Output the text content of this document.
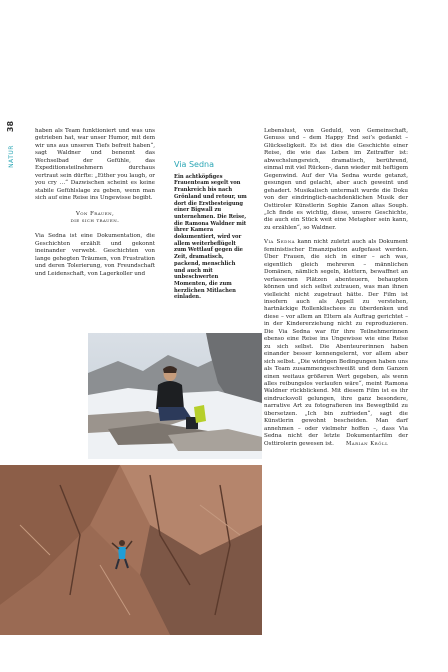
38
NATUR

haben als Team funktioniert und was uns getrieben hat, war unser Humor, mit dem wir uns aus unseren Tiefs befreit haben“, sagt Waldner und benennt das Wechselbad der Gefühle, das Expeditionsteilnehmern durchaus vertraut sein dürfte: „Either you laugh, or you cry …“ Dazwischen scheint es keine stabile Gefühlslage zu geben, wenn man sich auf eine Reise ins Ungewisse begibt.

Von Frauen,
die sich trauen.

Via Sedna ist eine Dokumentation, die Geschichten erzählt und gekonnt ineinander verwebt. Geschichten von lange gehegten Träumen, von Frustration und deren Tolerierung, von Freundschaft und Leidenschaft, von Lagerkoller und

Via Sedna
Ein achtköpfiges Frauenteam segelt von Frankreich bis nach Grönland und retour, um dort die Erstbesteigung einer Bigwall zu unternehmen. Die Reise, die Ramona Waldner mit ihrer Kamera dokumentiert, wird vor allem weiterbeflügelt zum Wettlauf gegen die Zeit, dramatisch, packend, menschlich und auch mit unbeschwerten Momenten, die zum herzlichen Mitlachen einladen.

Lebenslust, von Geduld, von Gemeinschaft, Genuss und – dem Happy End sei’s gedankt – Glückseligkeit. Es ist dies die Geschichte einer Reise, die wie das Leben im Zeitraffer ist: abwechslungsreich, dramatisch, berührend, einmal mit viel Rücken-, dann wieder mit heftigem Gegenwind. Auf der Via Sedna wurde getanzt, gesungen und gelacht, aber auch geweint und gehadert. Musikalisch untermalt wurde die Doku von der eindringlich-nachdenklichen Musik der Osttiroler Künstlerin Sophie Zanon alias Souph. „Ich finde es wichtig, diese, unsere Geschichte, die auch ein Stück weit eine Metapher sein kann, zu erzählen“, so Waldner.

Via Sedna kann nicht zuletzt auch als Dokument feministischer Emanzipation aufgefasst werden. Über Frauen, die sich in einer – ach was, eigentlich gleich mehreren – männlichen Domänen, nämlich segeln, klettern, bewaffnet an verlassenen Plätzen abenteuern, behaupten können und sich selbst zutrauen, was man ihnen vielleicht nicht zugetraut hätte. Der Film ist insofern auch als Appell zu verstehen, hartnäckige Rollenklischees zu überdenken und diese – vor allem an Eltern als Auftrag gerichtet – in der Kindererziehung nicht zu reproduzieren. Die Via Sedna war für ihre Teilnehmerinnen ebenso eine Reise ins Ungewisse wie eine Reise zu sich selbst. Die Abenteurerinnen haben einander besser kennengelernt, vor allem aber sich selbst. „Die widrigen Bedingungen haben uns als Team zusammengeschweißt und dem Ganzen einen weitaus größeren Wert gegeben, als wenn alles reibungslos verlaufen wäre“, meint Ramona Waldner rückblickend. Mit diesem Film ist es ihr eindrucksvoll gelungen, ihre ganz besondere, narrative Art zu fotografieren ins Bewegtbild zu übersetzen. „Ich bin zufrieden“, sagt die Künstlerin gewohnt bescheiden. Man darf annehmen – oder vielmehr hoffen –, dass Via Sedna nicht der letzte Dokumentarfilm der Osttirolerin gewesen ist. Marian Kröll
